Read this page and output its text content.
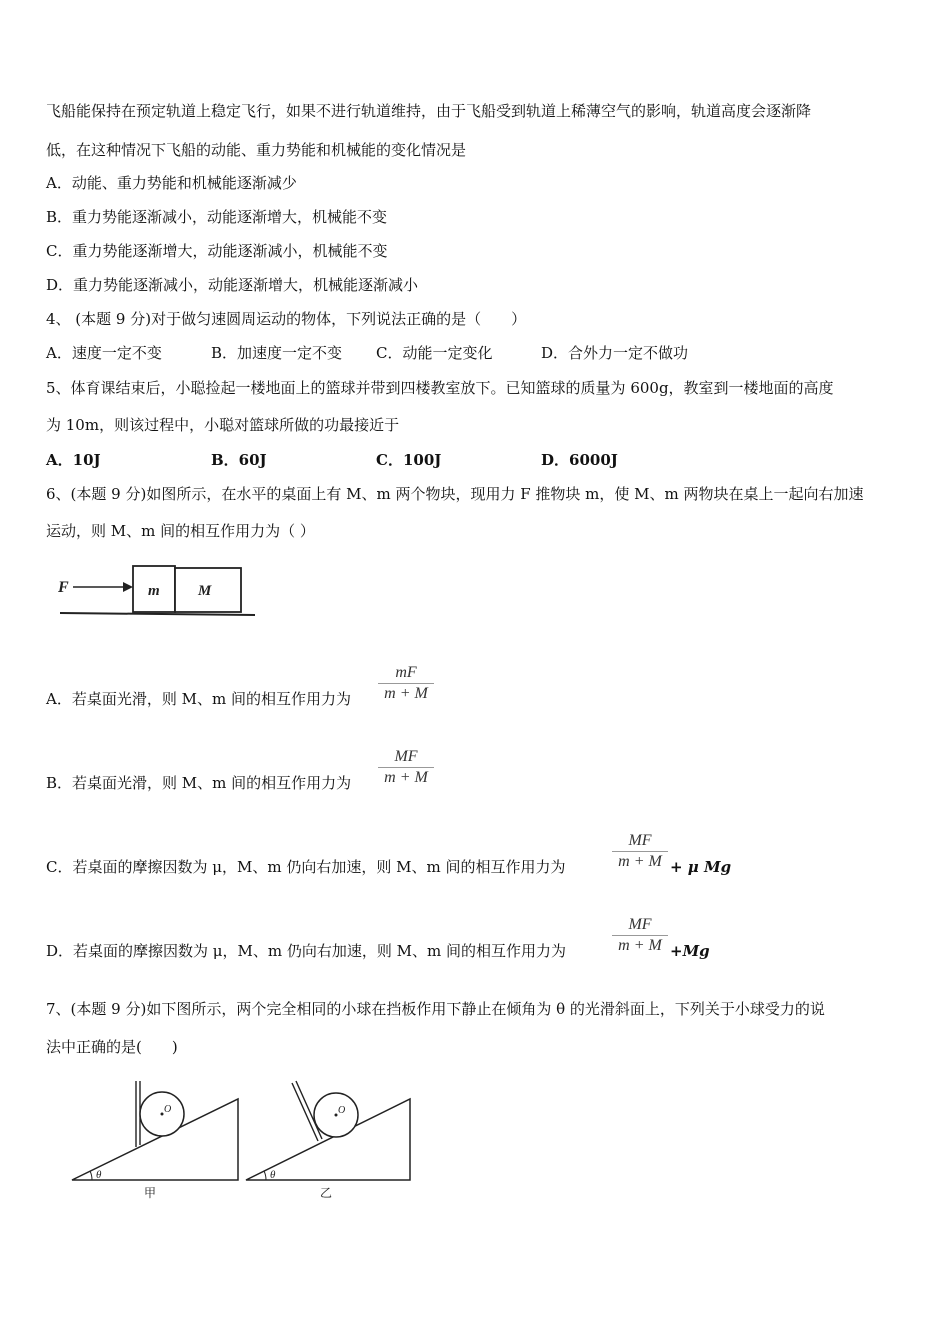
飞船能保持在预定轨道上稳定飞行，如果不进行轨道维持，由于飞船受到轨道上稀薄空气的影响，轨道高度会逐渐降
低，在这种情况下飞船的动能、重力势能和机械能的变化情况是
A．动能、重力势能和机械能逐渐减少
B．重力势能逐渐减小，动能逐渐增大，机械能不变
C．重力势能逐渐增大，动能逐渐减小，机械能不变
D．重力势能逐渐减小，动能逐渐增大，机械能逐渐减小
4、 (本题 9 分)对于做匀速圆周运动的物体，下列说法正确的是（　　）
A．速度一定不变	B．加速度一定不变 C．动能一定变化	D．合外力一定不做功
5、体育课结束后，小聪捡起一楼地面上的篮球并带到四楼教室放下。已知篮球的质量为 600g，教室到一楼地面的高度
为 10m，则该过程中，小聪对篮球所做的功最接近于
A．10J	B．60J	C．100J	D．6000J
6、(本题 9 分)如图所示，在水平的桌面上有 M、m 两个物块，现用力 F 推物块 m，使 M、m 两物块在桌上一起向右加速
运动，则 M、m 间的相互作用力为（ ）
F	m	M
A．若桌面光滑，则 M、m 间的相互作用力为
mF
m + M
B．若桌面光滑，则 M、m 间的相互作用力为
MF
m + M
C．若桌面的摩擦因数为 μ，M、m 仍向右加速，则 M、m 间的相互作用力为
MF
m + M + μ Mg
D．若桌面的摩擦因数为 μ，M、m 仍向右加速，则 M、m 间的相互作用力为
MF
m + M +Mg
7、(本题 9 分)如下图所示，两个完全相同的小球在挡板作用下静止在倾角为 θ 的光滑斜面上，下列关于小球受力的说
法中正确的是(　　)
θ
O
甲
θ
O
乙
